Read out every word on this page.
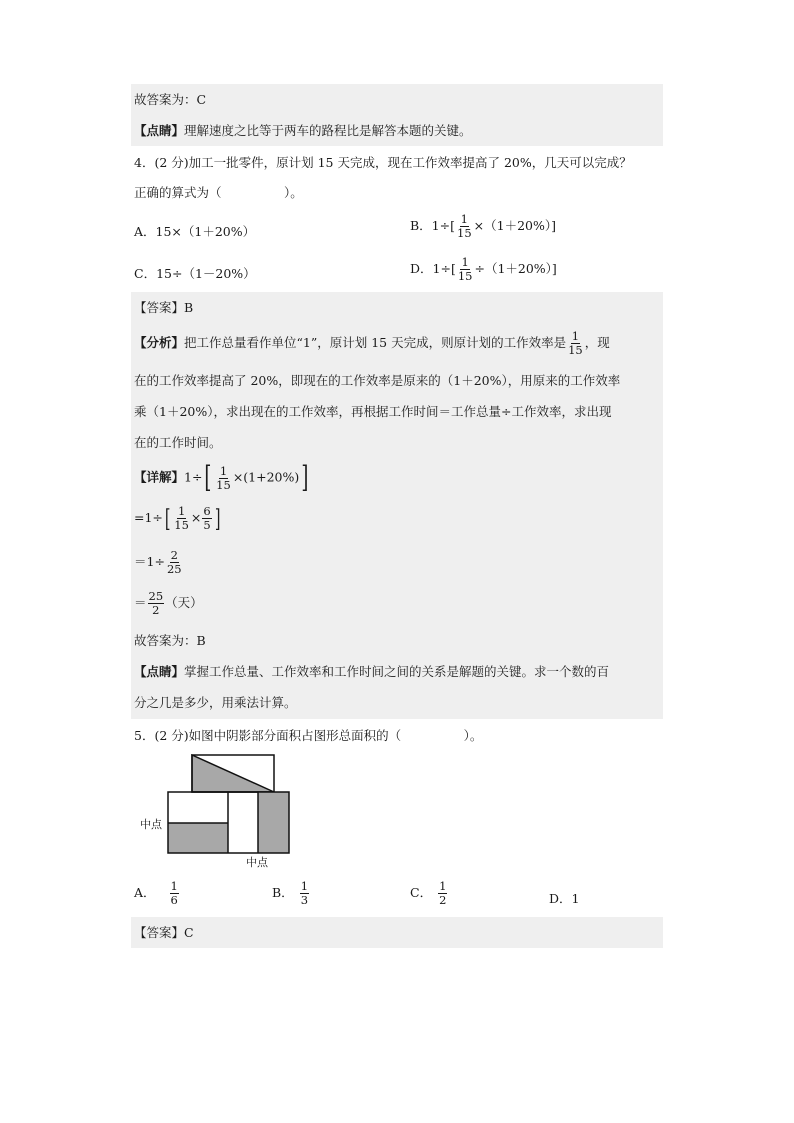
故答案为：C
【点睛】理解速度之比等于两车的路程比是解答本题的关键。
4．(2 分)加工一批零件，原计划 15 天完成，现在工作效率提高了 20%，几天可以完成？
正确的算式为（　　　　　）。
A．15×（1＋20%）	B．$1\div[ \frac{1}{15} \times(1+20\%)]$
C．15÷（1－20%）	D．$1\div[ \frac{1}{15} \div(1+20\%)]$
【答案】B
【分析】把工作总量看作单位“1”，原计划 15 天完成，则原计划的工作效率是 $\frac{1}{15}$ ，现
在的工作效率提高了 20%，即现在的工作效率是原来的（1＋20%），用原来的工作效率
乘（1＋20%），求出现在的工作效率，再根据工作时间＝工作总量÷工作效率，求出现
在的工作时间。
【详解】$1\div[ \frac{1}{15} \times(1+20\%)]$
$=1\div[ \frac{1}{15} \times \frac{6}{5}$ ]
$=1\div \frac{2}{25}$
＝ $\frac{25}{2}$ （天）
故答案为：B
【点睛】掌握工作总量、工作效率和工作时间之间的关系是解题的关键。求一个数的百
分之几是多少，用乘法计算。
5．(2 分)如图中阴影部分面积占图形总面积的（　　　　　）。
中点
中点
A． $\frac{1}{6}$	B． $\frac{1}{3}$	C． $\frac{1}{2}$	D．1
【答案】C
